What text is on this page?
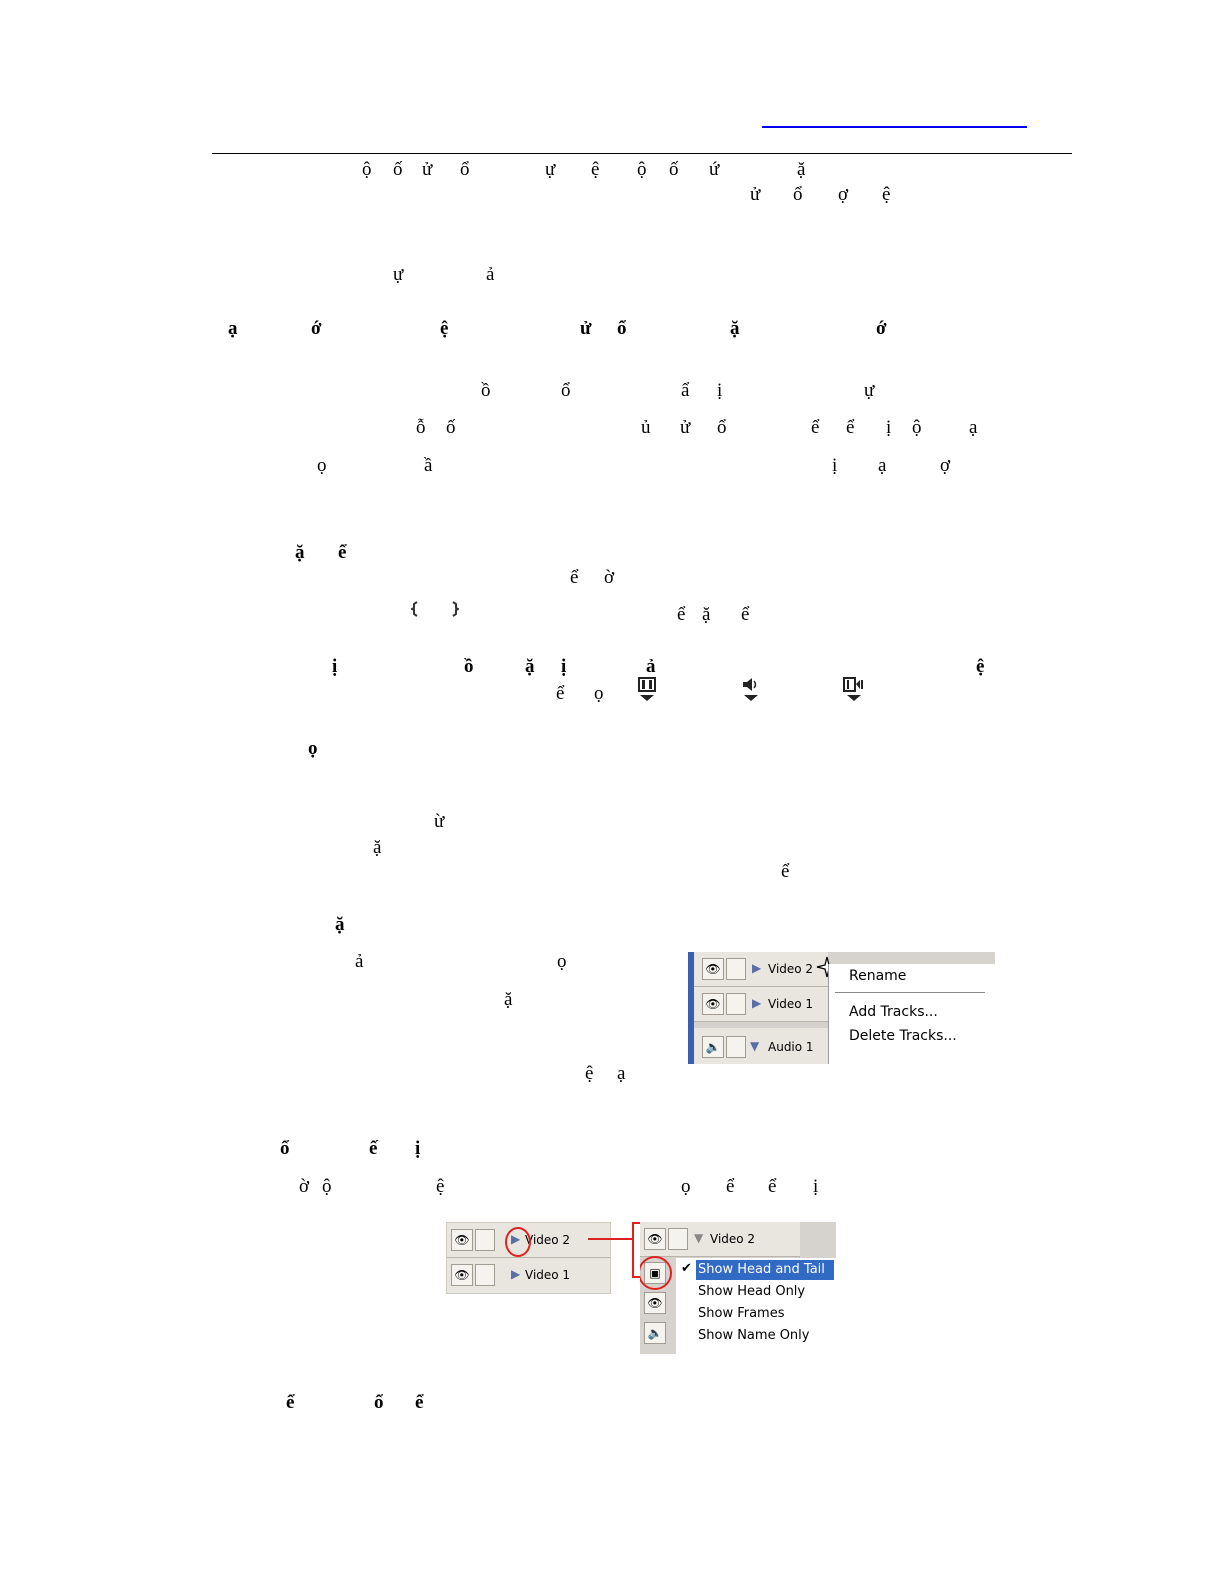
ộ ố ử ổ	ự ệ ộ ố ứ	ặ
ử ổ ợ ệ
ự	ả
ạ	ớ	ệ	ử ổ	ặ	ớ
ồ	ổ	ẩ ị	ự
ỗ ố	ủ ử ổ	ể ể ị ộ	ạ
ọ	ầ	ị ạ	ợ
ặ ể
ể ờ
ể ặ ể
ị	ồ	ặ ị	ả	ệ
ể ọ
ọ
ừ
ặ
ể
ặ
ả	ọ
ặ
ệ ạ
ổ	ế ị
ờ ộ	ệ	ọ ể ể ị
ể	ổ ể
👁	▶ Video 2
👁	▶ Video 1
🔈 ▼ Audio 1
Rename
Add Tracks...
Delete Tracks...
👁	▶ Video 2
👁	▶ Video 1
👁	▼ Video 2
▣
👁
🔈
✔ Show Head and Tail
Show Head Only
Show Frames
Show Name Only
